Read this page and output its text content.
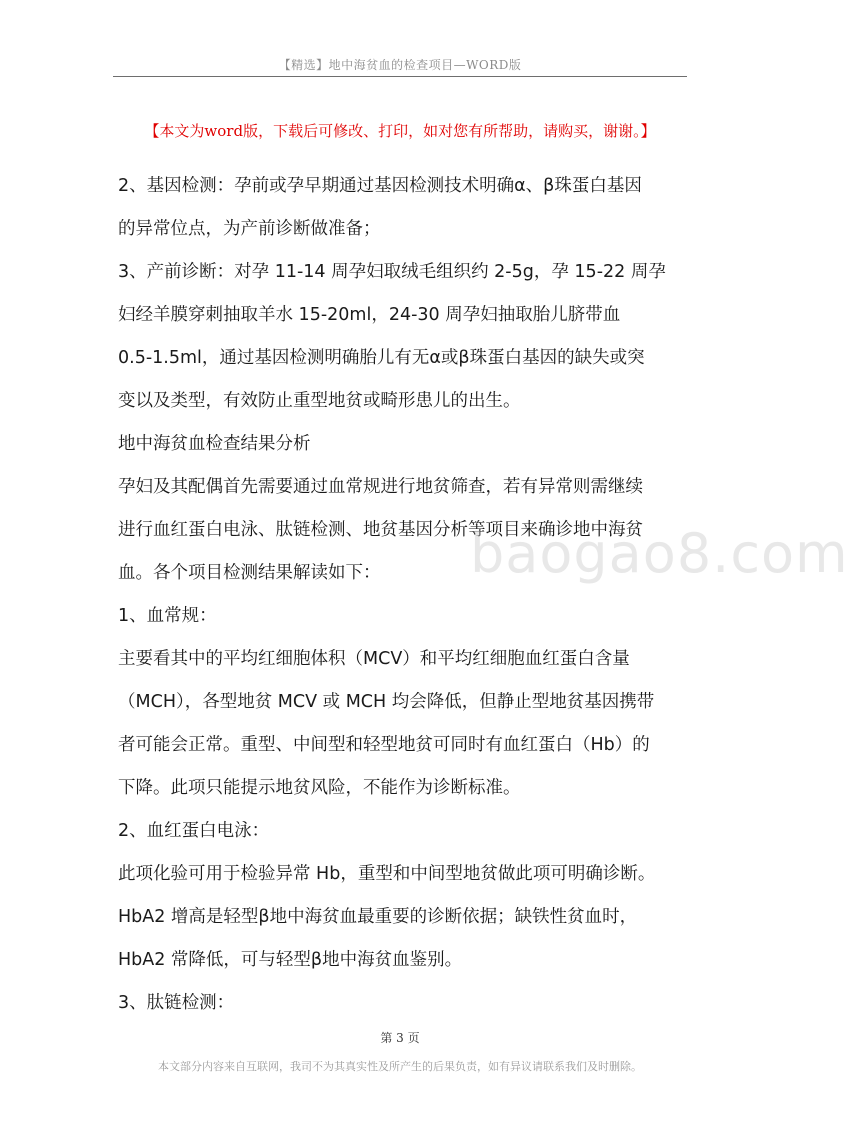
【精选】地中海贫血的检查项目—WORD版
【本文为word版，下载后可修改、打印，如对您有所帮助，请购买，谢谢。】
2、基因检测：孕前或孕早期通过基因检测技术明确α、β珠蛋白基因
的异常位点，为产前诊断做准备；
3、产前诊断：对孕 11-14 周孕妇取绒毛组织约 2-5g，孕 15-22 周孕
妇经羊膜穿刺抽取羊水 15-20ml，24-30 周孕妇抽取胎儿脐带血
0.5-1.5ml，通过基因检测明确胎儿有无α或β珠蛋白基因的缺失或突
变以及类型，有效防止重型地贫或畸形患儿的出生。
地中海贫血检查结果分析
孕妇及其配偶首先需要通过血常规进行地贫筛查，若有异常则需继续
进行血红蛋白电泳、肽链检测、地贫基因分析等项目来确诊地中海贫
血。各个项目检测结果解读如下：
1、血常规：
主要看其中的平均红细胞体积（MCV）和平均红细胞血红蛋白含量
（MCH），各型地贫 MCV 或 MCH 均会降低，但静止型地贫基因携带
者可能会正常。重型、中间型和轻型地贫可同时有血红蛋白（Hb）的
下降。此项只能提示地贫风险，不能作为诊断标准。
2、血红蛋白电泳：
此项化验可用于检验异常 Hb，重型和中间型地贫做此项可明确诊断。
HbA2 增高是轻型β地中海贫血最重要的诊断依据；缺铁性贫血时，
HbA2 常降低，可与轻型β地中海贫血鉴别。
3、肽链检测：
baogao8.com
第 3 页
本文部分内容来自互联网，我司不为其真实性及所产生的后果负责，如有异议请联系我们及时删除。
